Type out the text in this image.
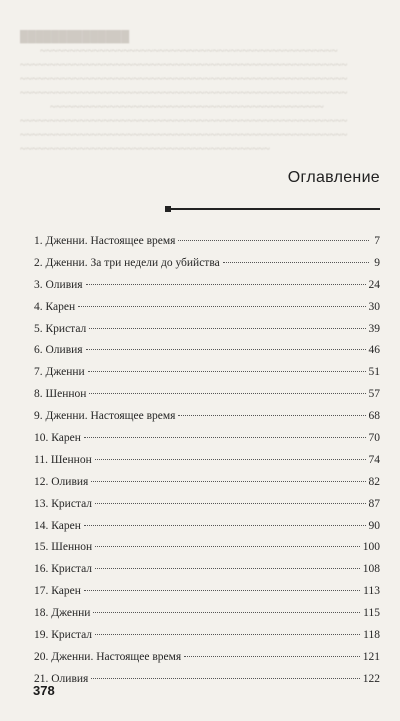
██████████████
~~~~~~~~~~~~~~~~~~~~~~~~~~~~~~~~~~~~~~~~~~~~~~~~~~
~~~~~~~~~~~~~~~~~~~~~~~~~~~~~~~~~~~~~~~~~~~~~~~~~~~~~~~
~~~~~~~~~~~~~~~~~~~~~~~~~~~~~~~~~~~~~~~~~~~~~~~~~~~~~~~
~~~~~~~~~~~~~~~~~~~~~~~~~~~~~~~~~~~~~~~~~~~~~~~~~~~~~~~
~~~~~~~~~~~~~~~~~~~~~~~~~~~~~~~~~~~~~~~~~~~~~~
~~~~~~~~~~~~~~~~~~~~~~~~~~~~~~~~~~~~~~~~~~~~~~~~~~~~~~~
~~~~~~~~~~~~~~~~~~~~~~~~~~~~~~~~~~~~~~~~~~~~~~~~~~~~~~~
~~~~~~~~~~~~~~~~~~~~~~~~~~~~~~~~~~~~~~~~~~
Оглавление
1. Дженни. Настоящее время	7
2. Дженни. За три недели до убийства	9
3. Оливия	24
4. Карен	30
5. Кристал	39
6. Оливия	46
7. Дженни	51
8. Шеннон	57
9. Дженни. Настоящее время	68
10. Карен	70
11. Шеннон	74
12. Оливия	82
13. Кристал	87
14. Карен	90
15. Шеннон	100
16. Кристал	108
17. Карен	113
18. Дженни	115
19. Кристал	118
20. Дженни. Настоящее время	121
21. Оливия	122
378
